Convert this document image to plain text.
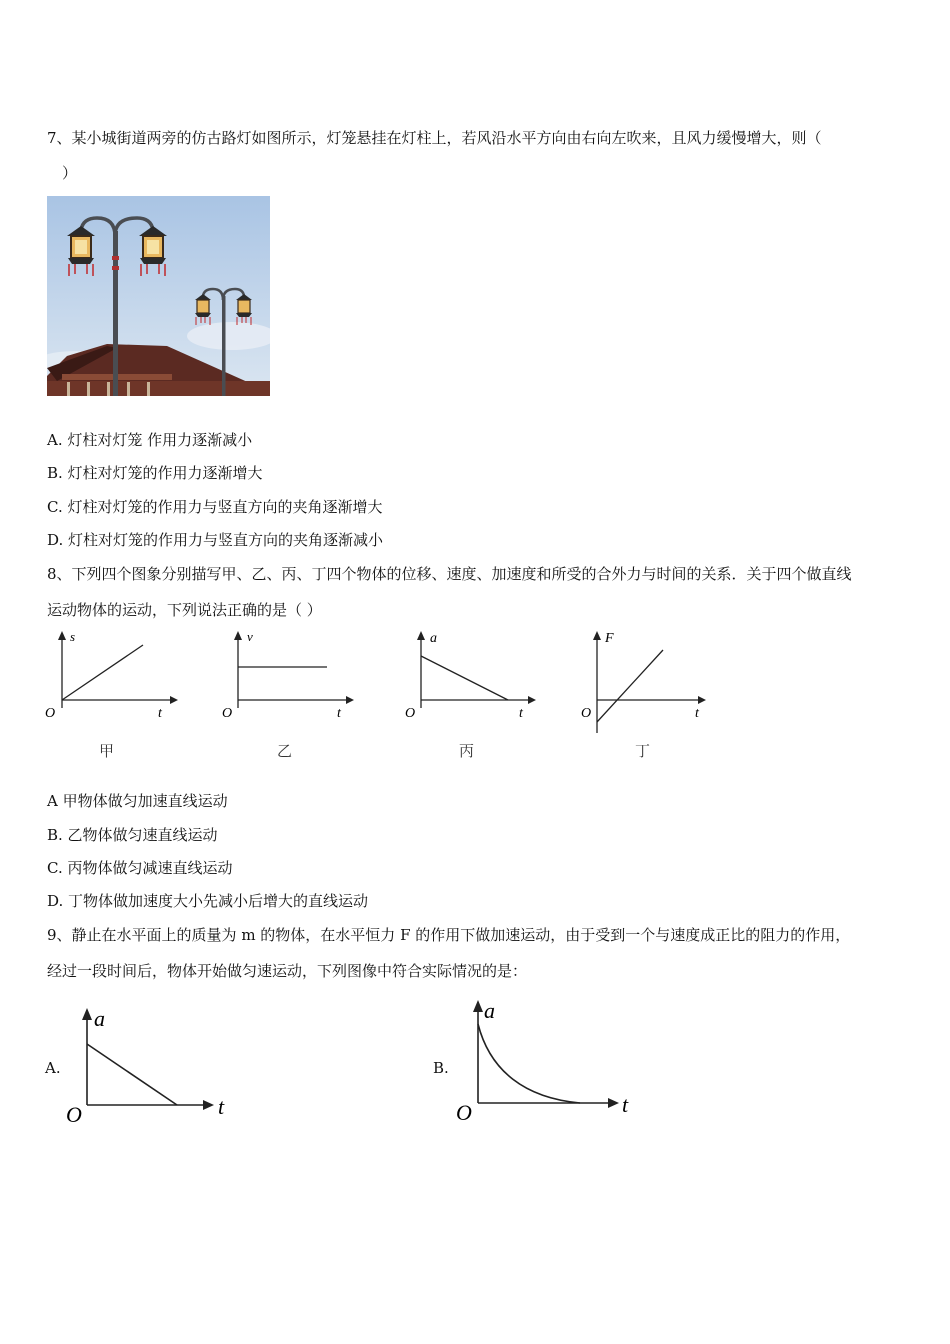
7、某小城街道两旁的仿古路灯如图所示，灯笼悬挂在灯柱上，若风沿水平方向由右向左吹来，且风力缓慢增大，则（
）
A. 灯柱对灯笼 作用力逐渐减小
B. 灯柱对灯笼的作用力逐渐增大
C. 灯柱对灯笼的作用力与竖直方向的夹角逐渐增大
D. 灯柱对灯笼的作用力与竖直方向的夹角逐渐减小
8、下列四个图象分别描写甲、乙、丙、丁四个物体的位移、速度、加速度和所受的合外力与时间的关系．关于四个做直线
运动物体的运动，下列说法正确的是（ ）
s
t
O
甲
v
t
O
乙
a
t
O
丙
F
t
O
丁
A 甲物体做匀加速直线运动
B. 乙物体做匀速直线运动
C. 丙物体做匀减速直线运动
D. 丁物体做加速度大小先减小后增大的直线运动
9、静止在水平面上的质量为 m 的物体，在水平恒力 F 的作用下做加速运动，由于受到一个与速度成正比的阻力的作用，
经过一段时间后，物体开始做匀速运动，下列图像中符合实际情况的是：
A.
a
t
O
B.
a
t
O
